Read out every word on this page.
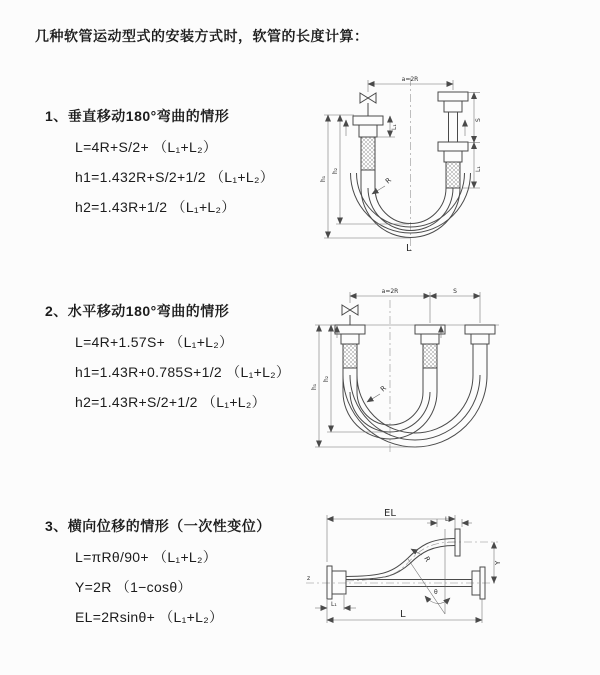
几种软管运动型式的安装方式时，软管的长度计算：
1、垂直移动180°弯曲的情形
L=4R+S/2+ （L₁+L₂）
h1=1.432R+S/2+1/2 （L₁+L₂）
h2=1.43R+1/2 （L₁+L₂）
2、水平移动180°弯曲的情形
L=4R+1.57S+ （L₁+L₂）
h1=1.43R+0.785S+1/2 （L₁+L₂）
h2=1.43R+S/2+1/2 （L₁+L₂）
3、横向位移的情形（一次性变位）
L=πRθ/90+ （L₁+L₂）
Y=2R （1−cosθ）
EL=2Rsinθ+ （L₁+L₂）
a=2R
R
h₁
h₂
L₁
S
L₁
L
a=2R	S
R
h₁
h₂
z
EL
L₁
Y
R
θ
L₁
L
